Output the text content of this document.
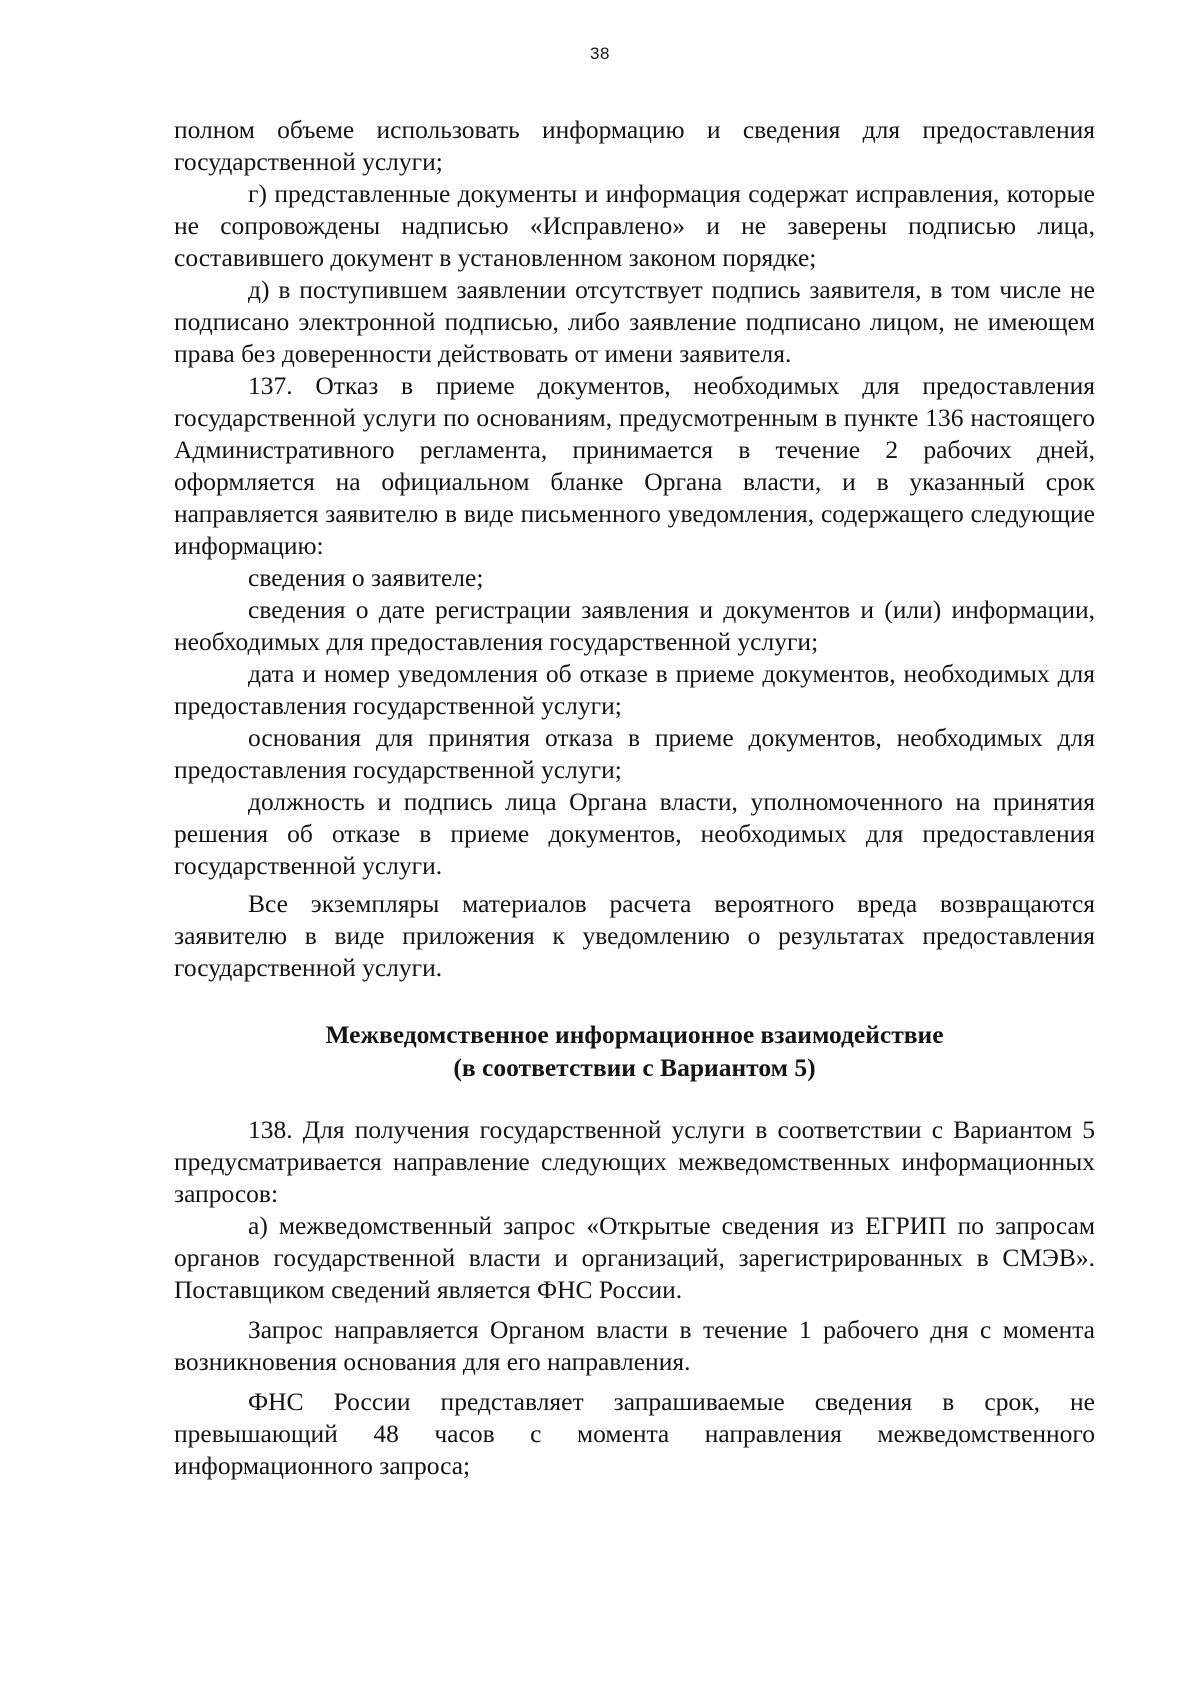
38

полном объеме использовать информацию и сведения для предоставления государственной услуги;

г) представленные документы и информация содержат исправления, которые не сопровождены надписью «Исправлено» и не заверены подписью лица, составившего документ в установленном законом порядке;

д) в поступившем заявлении отсутствует подпись заявителя, в том числе не подписано электронной подписью, либо заявление подписано лицом, не имеющем права без доверенности действовать от имени заявителя.

137. Отказ в приеме документов, необходимых для предоставления государственной услуги по основаниям, предусмотренным в пункте 136 настоящего Административного регламента, принимается в течение 2 рабочих дней, оформляется на официальном бланке Органа власти, и в указанный срок направляется заявителю в виде письменного уведомления, содержащего следующие информацию:

сведения о заявителе;

сведения о дате регистрации заявления и документов и (или) информации, необходимых для предоставления государственной услуги;

дата и номер уведомления об отказе в приеме документов, необходимых для предоставления государственной услуги;

основания для принятия отказа в приеме документов, необходимых для предоставления государственной услуги;

должность и подпись лица Органа власти, уполномоченного на принятия решения об отказе в приеме документов, необходимых для предоставления государственной услуги.

Все экземпляры материалов расчета вероятного вреда возвращаются заявителю в виде приложения к уведомлению о результатах предоставления государственной услуги.

Межведомственное информационное взаимодействие
(в соответствии с Вариантом 5)

138. Для получения государственной услуги в соответствии с Вариантом 5 предусматривается направление следующих межведомственных информационных запросов:

а) межведомственный запрос «Открытые сведения из ЕГРИП по запросам органов государственной власти и организаций, зарегистрированных в СМЭВ». Поставщиком сведений является ФНС России.

Запрос направляется Органом власти в течение 1 рабочего дня с момента возникновения основания для его направления.

ФНС России представляет запрашиваемые сведения в срок, не превышающий 48 часов с момента направления межведомственного информационного запроса;
